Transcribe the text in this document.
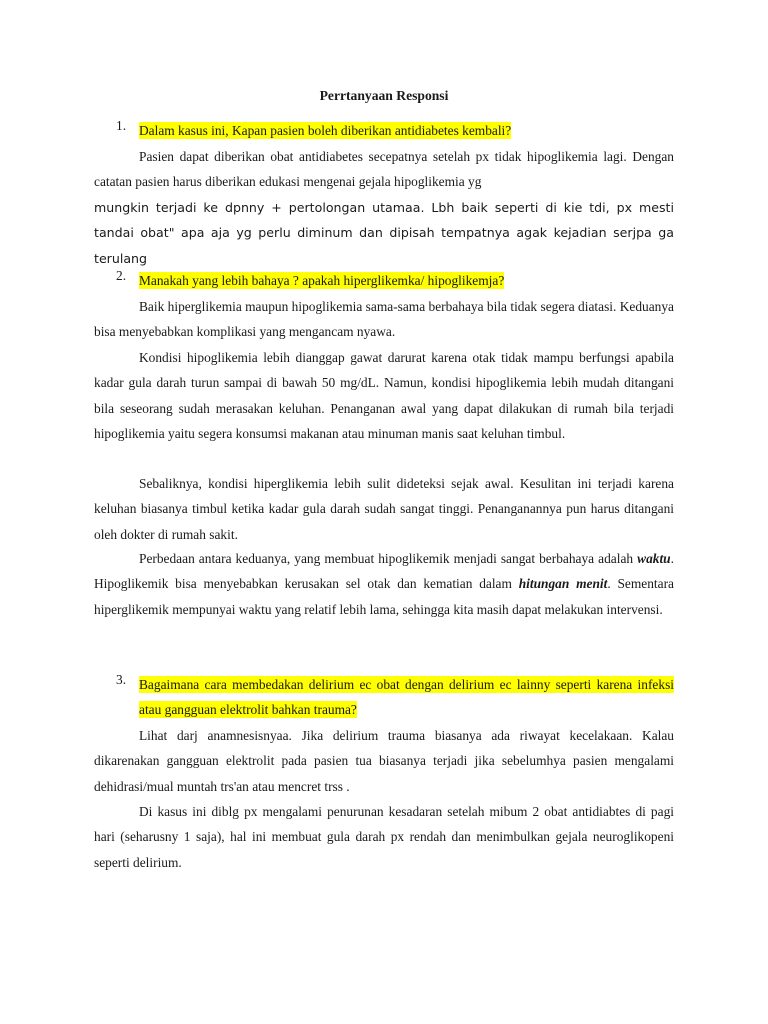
Perrtanyaan Responsi
1. Dalam kasus ini, Kapan pasien boleh diberikan antidiabetes kembali?

Pasien dapat diberikan obat antidiabetes secepatnya setelah px tidak hipoglikemia lagi. Dengan catatan pasien harus diberikan edukasi mengenai gejala hipoglikemia yg

mungkin terjadi ke dpnny + pertolongan utamaa. Lbh baik seperti di kie tdi, px mesti tandai obat" apa aja yg perlu diminum dan dipisah tempatnya agak kejadian serjpa ga terulang

2. Manakah yang lebih bahaya ? apakah hiperglikemka/ hipoglikemja?

Baik hiperglikemia maupun hipoglikemia sama-sama berbahaya bila tidak segera diatasi. Keduanya bisa menyebabkan komplikasi yang mengancam nyawa.

Kondisi hipoglikemia lebih dianggap gawat darurat karena otak tidak mampu berfungsi apabila kadar gula darah turun sampai di bawah 50 mg/dL. Namun, kondisi hipoglikemia lebih mudah ditangani bila seseorang sudah merasakan keluhan. Penanganan awal yang dapat dilakukan di rumah bila terjadi hipoglikemia yaitu segera konsumsi makanan atau minuman manis saat keluhan timbul.

Sebaliknya, kondisi hiperglikemia lebih sulit dideteksi sejak awal. Kesulitan ini terjadi karena keluhan biasanya timbul ketika kadar gula darah sudah sangat tinggi. Penanganannya pun harus ditangani oleh dokter di rumah sakit.

Perbedaan antara keduanya, yang membuat hipoglikemik menjadi sangat berbahaya adalah waktu. Hipoglikemik bisa menyebabkan kerusakan sel otak dan kematian dalam hitungan menit. Sementara hiperglikemik mempunyai waktu yang relatif lebih lama, sehingga kita masih dapat melakukan intervensi.

3. Bagaimana cara membedakan delirium ec obat dengan delirium ec lainny seperti karena infeksi atau gangguan elektrolit bahkan trauma?

Lihat darj anamnesisnyaa. Jika delirium trauma biasanya ada riwayat kecelakaan. Kalau dikarenakan gangguan elektrolit pada pasien tua biasanya terjadi jika sebelumhya pasien mengalami dehidrasi/mual muntah trs'an atau mencret trss .

Di kasus ini diblg px mengalami penurunan kesadaran setelah mibum 2 obat antidiabtes di pagi hari (seharusny 1 saja), hal ini membuat gula darah px rendah dan menimbulkan gejala neuroglikopeni seperti delirium.
